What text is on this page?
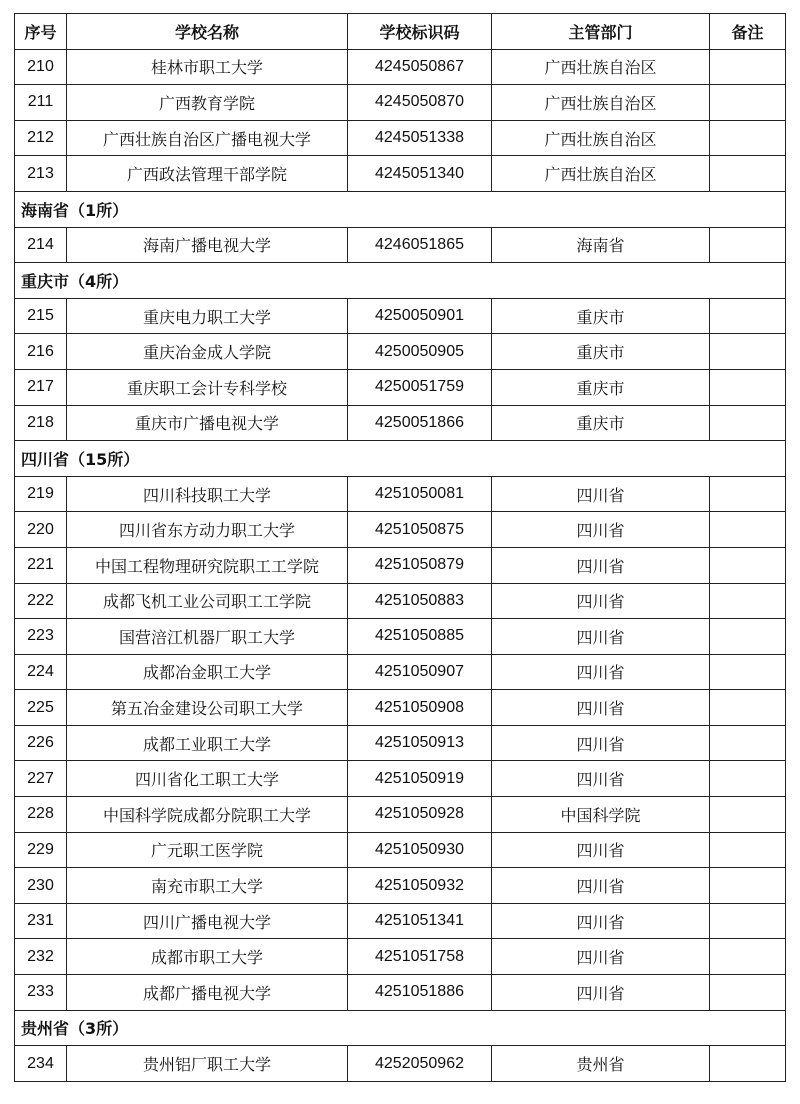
序号	学校名称	学校标识码	主管部门	备注
210	桂林市职工大学	4245050867	广西壮族自治区	
211	广西教育学院	4245050870	广西壮族自治区	
212	广西壮族自治区广播电视大学	4245051338	广西壮族自治区	
213	广西政法管理干部学院	4245051340	广西壮族自治区	
海南省（1所）				
214	海南广播电视大学	4246051865	海南省	
重庆市（4所）				
215	重庆电力职工大学	4250050901	重庆市	
216	重庆冶金成人学院	4250050905	重庆市	
217	重庆职工会计专科学校	4250051759	重庆市	
218	重庆市广播电视大学	4250051866	重庆市	
四川省（15所）				
219	四川科技职工大学	4251050081	四川省	
220	四川省东方动力职工大学	4251050875	四川省	
221	中国工程物理研究院职工工学院	4251050879	四川省	
222	成都飞机工业公司职工工学院	4251050883	四川省	
223	国营涪江机器厂职工大学	4251050885	四川省	
224	成都冶金职工大学	4251050907	四川省	
225	第五冶金建设公司职工大学	4251050908	四川省	
226	成都工业职工大学	4251050913	四川省	
227	四川省化工职工大学	4251050919	四川省	
228	中国科学院成都分院职工大学	4251050928	中国科学院	
229	广元职工医学院	4251050930	四川省	
230	南充市职工大学	4251050932	四川省	
231	四川广播电视大学	4251051341	四川省	
232	成都市职工大学	4251051758	四川省	
233	成都广播电视大学	4251051886	四川省	
贵州省（3所）				
234	贵州铝厂职工大学	4252050962	贵州省	
